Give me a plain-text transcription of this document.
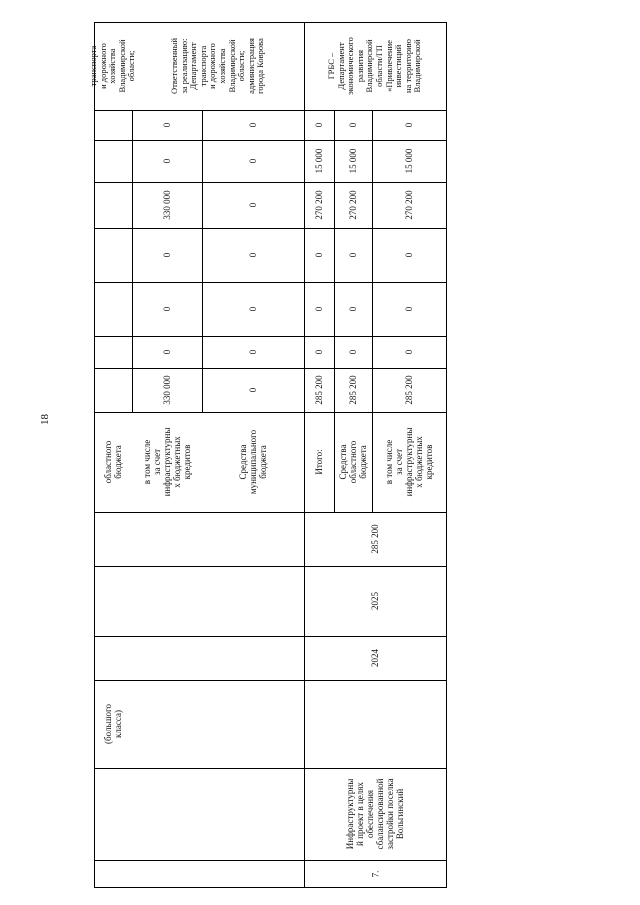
18
(большого
класса)
7.
Инфраструктурны
й проект в целях
обеспечения
сбалансированной
застройки поселка
Вольгинский
2024
2025
285 200
областного
бюджета
в том числе
за счет
инфраструктурны
х бюджетных
кредитов
330 000
0
0
0
330 000
0
0
Средства
муниципального
бюджета
0
0
0
0
0
0
0
Итого:
285 200
0
0
0
270 200
15 000
0
Средства
областного
бюджета
285 200
0
0
0
270 200
15 000
0
в том числе
за счет
инфраструктурны
х бюджетных
кредитов
285 200
0
0
0
270 200
15 000
0
транспорта
и дорожного
хозяйства
Владимирской
области;	Ответственный
за реализацию:
Департамент
транспорта
и дорожного
хозяйства
Владимирской
области;
администрация
города Коврова
ГРБС –
Департамент
экономического
развития
Владимирской
области/ГП
«Привлечение
инвестиций
на территорию
Владимирской
